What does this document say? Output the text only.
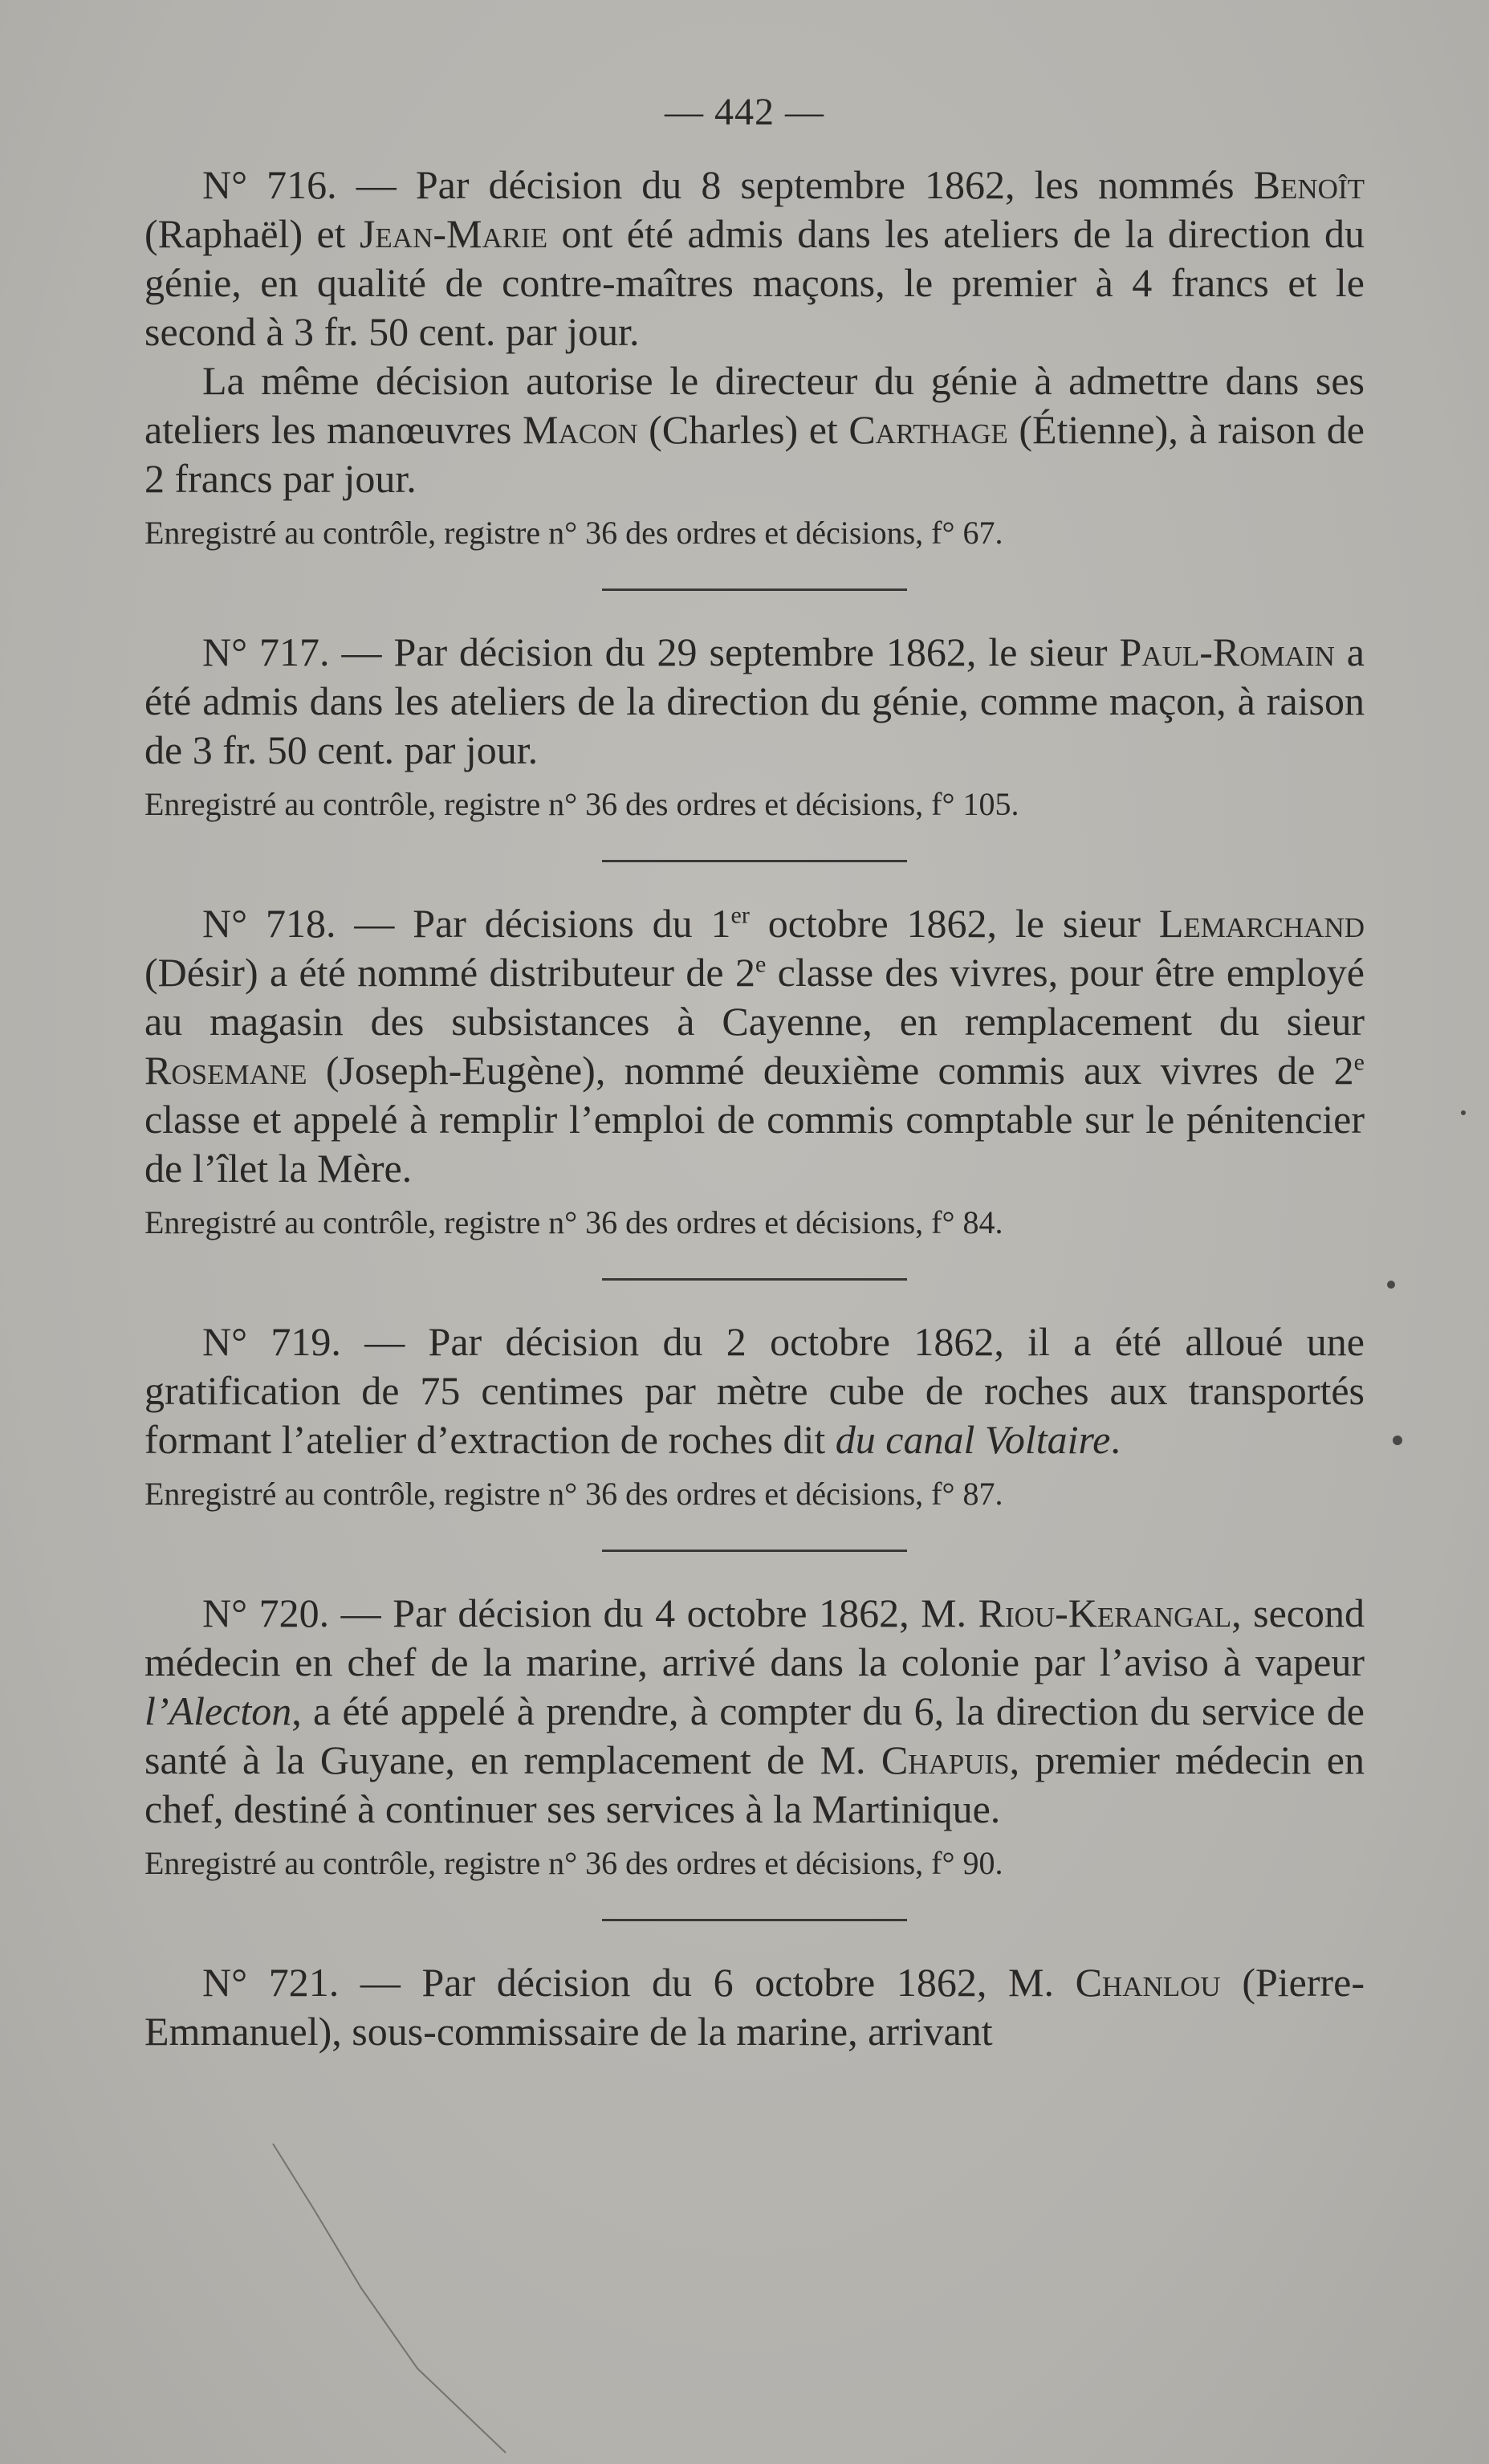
— 442 —

N° 716. — Par décision du 8 septembre 1862, les nommés Benoît (Raphaël) et Jean-Marie ont été admis dans les ateliers de la direction du génie, en qualité de contre-maîtres maçons, le premier à 4 francs et le second à 3 fr. 50 cent. par jour.

La même décision autorise le directeur du génie à admettre dans ses ateliers les manœuvres Macon (Charles) et Carthage (Étienne), à raison de 2 francs par jour.

Enregistré au contrôle, registre n° 36 des ordres et décisions, f° 67.

N° 717. — Par décision du 29 septembre 1862, le sieur Paul-Romain a été admis dans les ateliers de la direction du génie, comme maçon, à raison de 3 fr. 50 cent. par jour.

Enregistré au contrôle, registre n° 36 des ordres et décisions, f° 105.

N° 718. — Par décisions du 1er octobre 1862, le sieur Lemarchand (Désir) a été nommé distributeur de 2e classe des vivres, pour être employé au magasin des subsistances à Cayenne, en remplacement du sieur Rosemane (Joseph-Eugène), nommé deuxième commis aux vivres de 2e classe et appelé à remplir l’emploi de commis comptable sur le pénitencier de l’îlet la Mère.

Enregistré au contrôle, registre n° 36 des ordres et décisions, f° 84.

N° 719. — Par décision du 2 octobre 1862, il a été alloué une gratification de 75 centimes par mètre cube de roches aux transportés formant l’atelier d’extraction de roches dit du canal Voltaire.

Enregistré au contrôle, registre n° 36 des ordres et décisions, f° 87.

N° 720. — Par décision du 4 octobre 1862, M. Riou-Kerangal, second médecin en chef de la marine, arrivé dans la colonie par l’aviso à vapeur l’Alecton, a été appelé à prendre, à compter du 6, la direction du service de santé à la Guyane, en remplacement de M. Chapuis, premier médecin en chef, destiné à continuer ses services à la Martinique.

Enregistré au contrôle, registre n° 36 des ordres et décisions, f° 90.

N° 721. — Par décision du 6 octobre 1862, M. Chanlou (Pierre-Emmanuel), sous-commissaire de la marine, arrivant
